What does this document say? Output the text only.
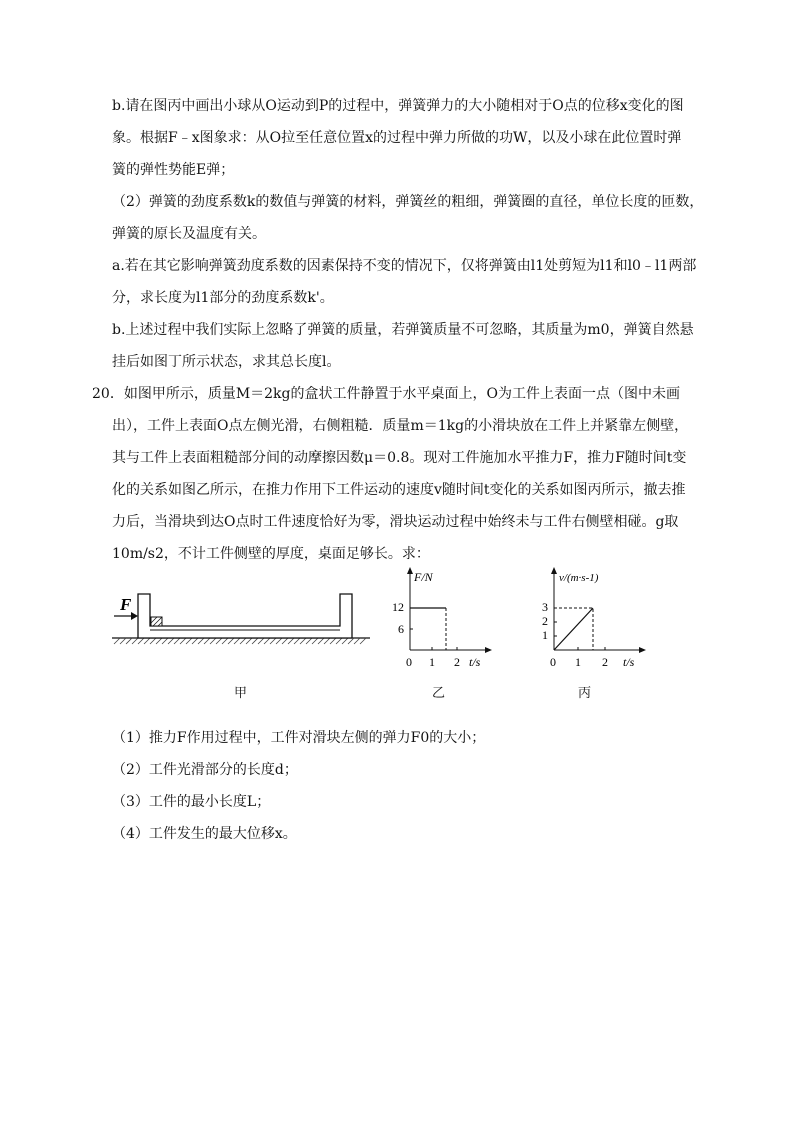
b.请在图丙中画出小球从O运动到P的过程中，弹簧弹力的大小随相对于O点的位移x变化的图
象。根据F﹣x图象求：从O拉至任意位置x的过程中弹力所做的功W，以及小球在此位置时弹
簧的弹性势能E弹；
（2）弹簧的劲度系数k的数值与弹簧的材料，弹簧丝的粗细，弹簧圈的直径，单位长度的匝数，
弹簧的原长及温度有关。
a.若在其它影响弹簧劲度系数的因素保持不变的情况下，仅将弹簧由l1处剪短为l1和l0﹣l1两部
分，求长度为l1部分的劲度系数k'。
b.上述过程中我们实际上忽略了弹簧的质量，若弹簧质量不可忽略，其质量为m0，弹簧自然悬
挂后如图丁所示状态，求其总长度l。
20．如图甲所示，质量M＝2kg的盒状工件静置于水平桌面上，O为工件上表面一点（图中未画
出），工件上表面O点左侧光滑，右侧粗糙．质量m＝1kg的小滑块放在工件上并紧靠左侧壁，
其与工件上表面粗糙部分间的动摩擦因数μ＝0.8。现对工件施加水平推力F，推力F随时间t变
化的关系如图乙所示，在推力作用下工件运动的速度v随时间t变化的关系如图丙所示，撤去推
力后，当滑块到达O点时工件速度恰好为零，滑块运动过程中始终未与工件右侧壁相碰。g取
10m/s2，不计工件侧壁的厚度，桌面足够长。求：
F
甲
F/N
t/s
12
6
0 1 2
乙
v/(m·s-1)
t/s
3
2
1
0 1 2
丙
（1）推力F作用过程中，工件对滑块左侧的弹力F0的大小；
（2）工件光滑部分的长度d；
（3）工件的最小长度L；
（4）工件发生的最大位移x。
